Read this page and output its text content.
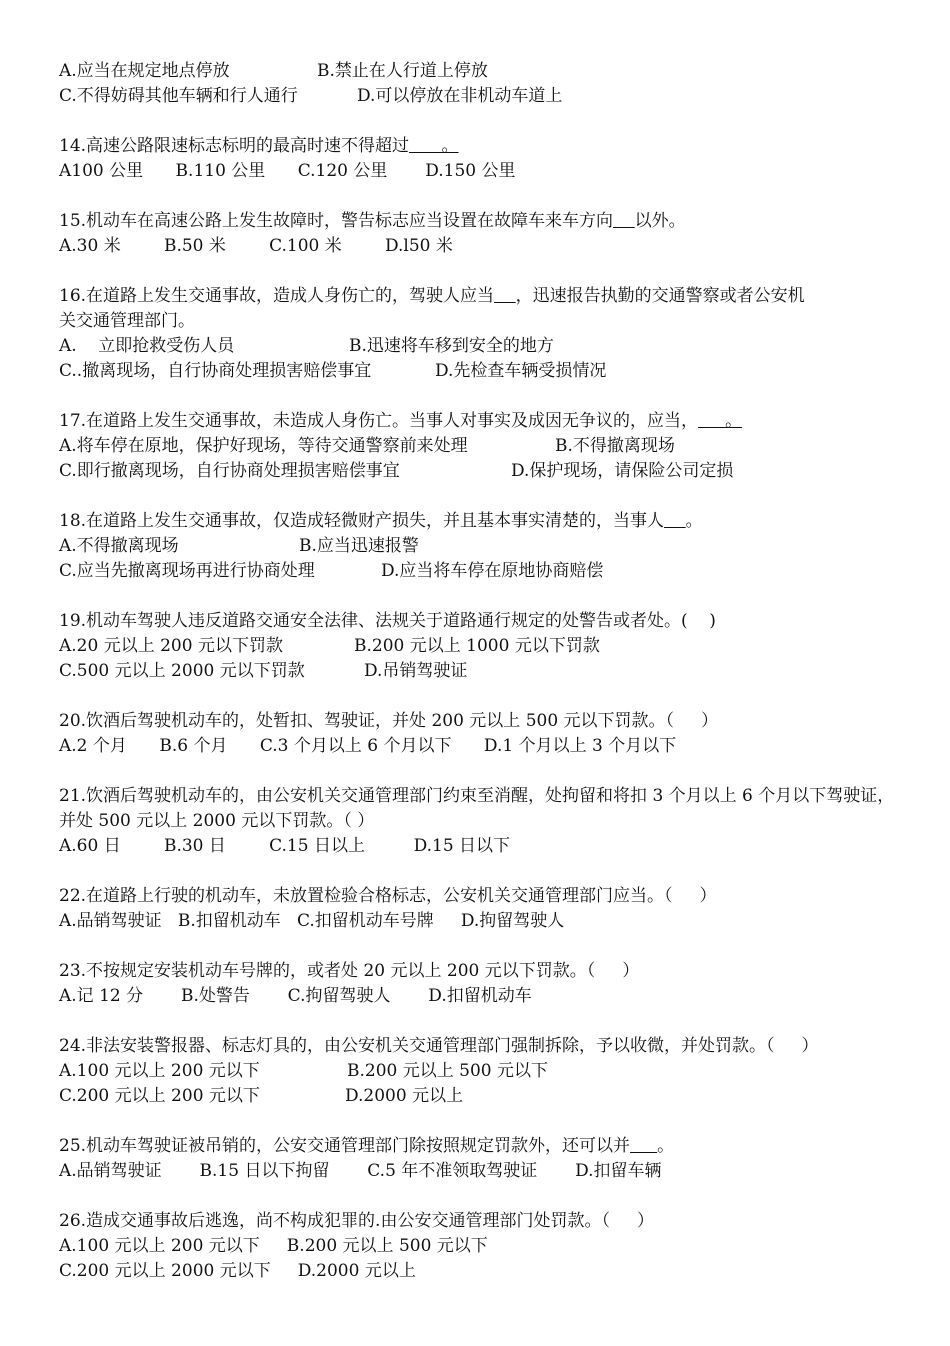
A.应当在规定地点停放

	B.禁止在人行道上停放

C.不得妨碍其他车辆和行人通行

	D.可以停放在非机动车道上

14.高速公路限速标志标明的最高时速不得超过      。
A100 公里      B.110 公里      C.120 公里       D.150 公里
15.机动车在高速公路上发生故障时，警告标志应当设置在故障车来车方向 以外。
A.30 米        B.50 米        C.100 米        D.l50 米
16.在道路上发生交通事故，造成人身伤亡的，驾驶人应当 ，迅速报告执勤的交通警察或者公安机
关交通管理部门。

A.    立即抢救受伤人员

	B.迅速将车移到安全的地方

C..撤离现场，自行协商处理损害赔偿事宜

	D.先检查车辆受损情况

17.在道路上发生交通事故，未造成人身伤亡。当事人对事实及成因无争议的，应当，     。

A.将车停在原地，保护好现场，等待交通警察前来处理

	B.不得撤离现场

C.即行撤离现场，自行协商处理损害赔偿事宜

	D.保护现场，请保险公司定损

18.在道路上发生交通事故，仅造成轻微财产损失，并且基本事实清楚的，当事人 。

A.不得撤离现场

	B.应当迅速报警

C.应当先撤离现场再进行协商处理

	D.应当将车停在原地协商赔偿

19.机动车驾驶人违反道路交通安全法律、法规关于道路通行规定的处警告或者处。(    )

A.20 元以上 200 元以下罚款

	B.200 元以上 1000 元以下罚款

C.500 元以上 2000 元以下罚款

	D.吊销驾驶证

20.饮酒后驾驶机动车的，处暂扣、驾驶证，并处 200 元以上 500 元以下罚款。（     ）
A.2 个月      B.6 个月      C.3 个月以上 6 个月以下      D.1 个月以上 3 个月以下
21.饮酒后驾驶机动车的，由公安机关交通管理部门约束至消醒，处拘留和将扣 3 个月以上 6 个月以下驾驶证，并处 500 元以上 2000 元以下罚款。（ ）
A.60 日        B.30 日        C.15 日以上         D.15 日以下
22.在道路上行驶的机动车，未放置检验合格标志，公安机关交通管理部门应当。（     ）
A.品销驾驶证   B.扣留机动车   C.扣留机动车号牌     D.拘留驾驶人
23.不按规定安装机动车号牌的，或者处 20 元以上 200 元以下罚款。（     ）
A.记 12 分       B.处警告       C.拘留驾驶人       D.扣留机动车
24.非法安装警报器、标志灯具的，由公安机关交通管理部门强制拆除，予以收微，并处罚款。（     ）

A.100 元以上 200 元以下

	B.200 元以上 500 元以下

C.200 元以上 200 元以下

	D.2000 元以上

25.机动车驾驶证被吊销的，公安交通管理部门除按照规定罚款外，还可以并 。
A.品销驾驶证       B.15 日以下拘留       C.5 年不准领取驾驶证       D.扣留车辆
26.造成交通事故后逃逸，尚不构成犯罪的.由公安交通管理部门处罚款。（     ）
A.100 元以上 200 元以下     B.200 元以上 500 元以下
C.200 元以上 2000 元以下     D.2000 元以上
